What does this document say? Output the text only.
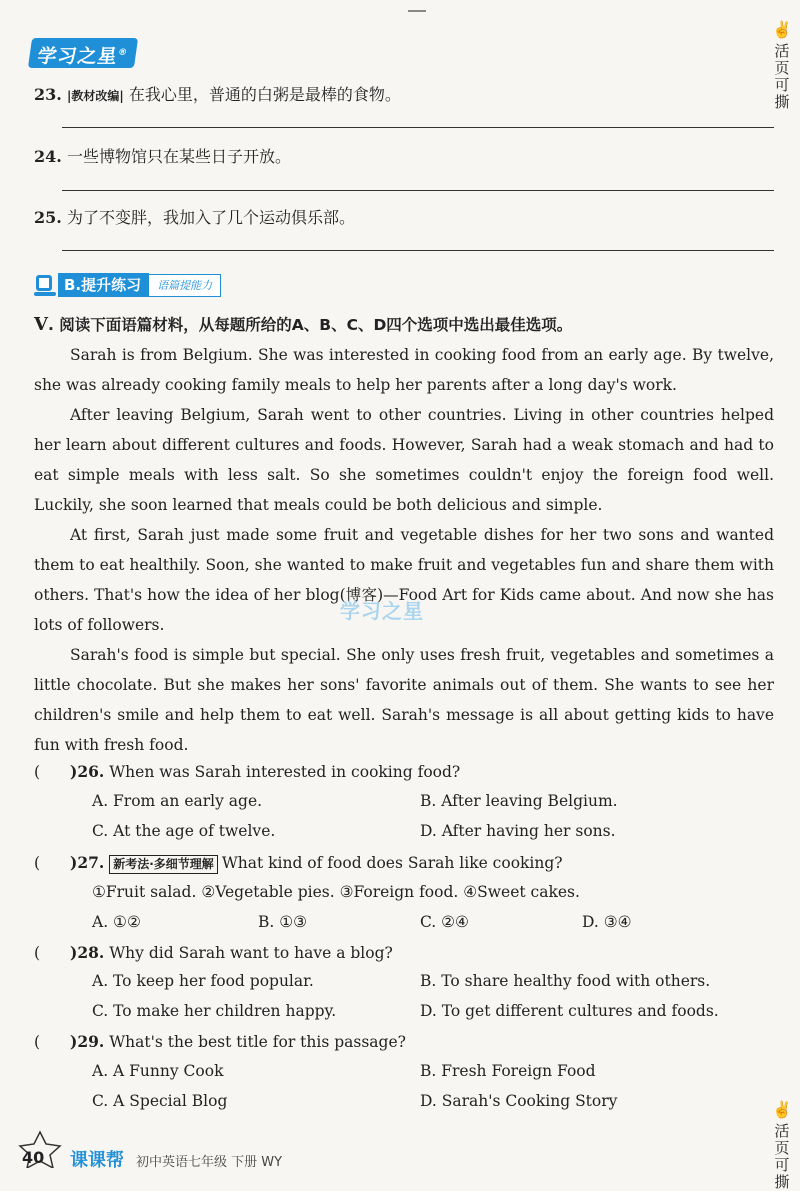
学习之星®
✌
活页可撕
23. |教材改编| 在我心里，普通的白粥是最棒的食物。
24. 一些博物馆只在某些日子开放。
25. 为了不变胖，我加入了几个运动俱乐部。
B.提升练习	语篇提能力
V. 阅读下面语篇材料，从每题所给的A、B、C、D四个选项中选出最佳选项。

Sarah is from Belgium. She was interested in cooking food from an early age. By twelve, she was already cooking family meals to help her parents after a long day's work.

After leaving Belgium, Sarah went to other countries. Living in other countries helped her learn about different cultures and foods. However, Sarah had a weak stomach and had to eat simple meals with less salt. So she sometimes couldn't enjoy the foreign food well. Luckily, she soon learned that meals could be both delicious and simple.

At first, Sarah just made some fruit and vegetable dishes for her two sons and wanted them to eat healthily. Soon, she wanted to make fruit and vegetables fun and share them with others. That's how the idea of her blog(博客)—Food Art for Kids came about. And now she has lots of followers.

Sarah's food is simple but special. She only uses fresh fruit, vegetables and sometimes a little chocolate. But she makes her sons' favorite animals out of them. She wants to see her children's smile and help them to eat well. Sarah's message is all about getting kids to have fun with fresh food.

学习之星
( )26. When was Sarah interested in cooking food?
A. From an early age.	B. After leaving Belgium.
C. At the age of twelve.	D. After having her sons.
( )27. 新考法·多细节理解 What kind of food does Sarah like cooking?
①Fruit salad. ②Vegetable pies. ③Foreign food. ④Sweet cakes.
A. ①②	B. ①③	C. ②④	D. ③④
( )28. Why did Sarah want to have a blog?
A. To keep her food popular.	B. To share healthy food with others.
C. To make her children happy.	D. To get different cultures and foods.
( )29. What's the best title for this passage?
A. A Funny Cook	B. Fresh Foreign Food
C. A Special Blog	D. Sarah's Cooking Story
40 课课帮 初中英语七年级 下册 WY
✌
活页可撕
